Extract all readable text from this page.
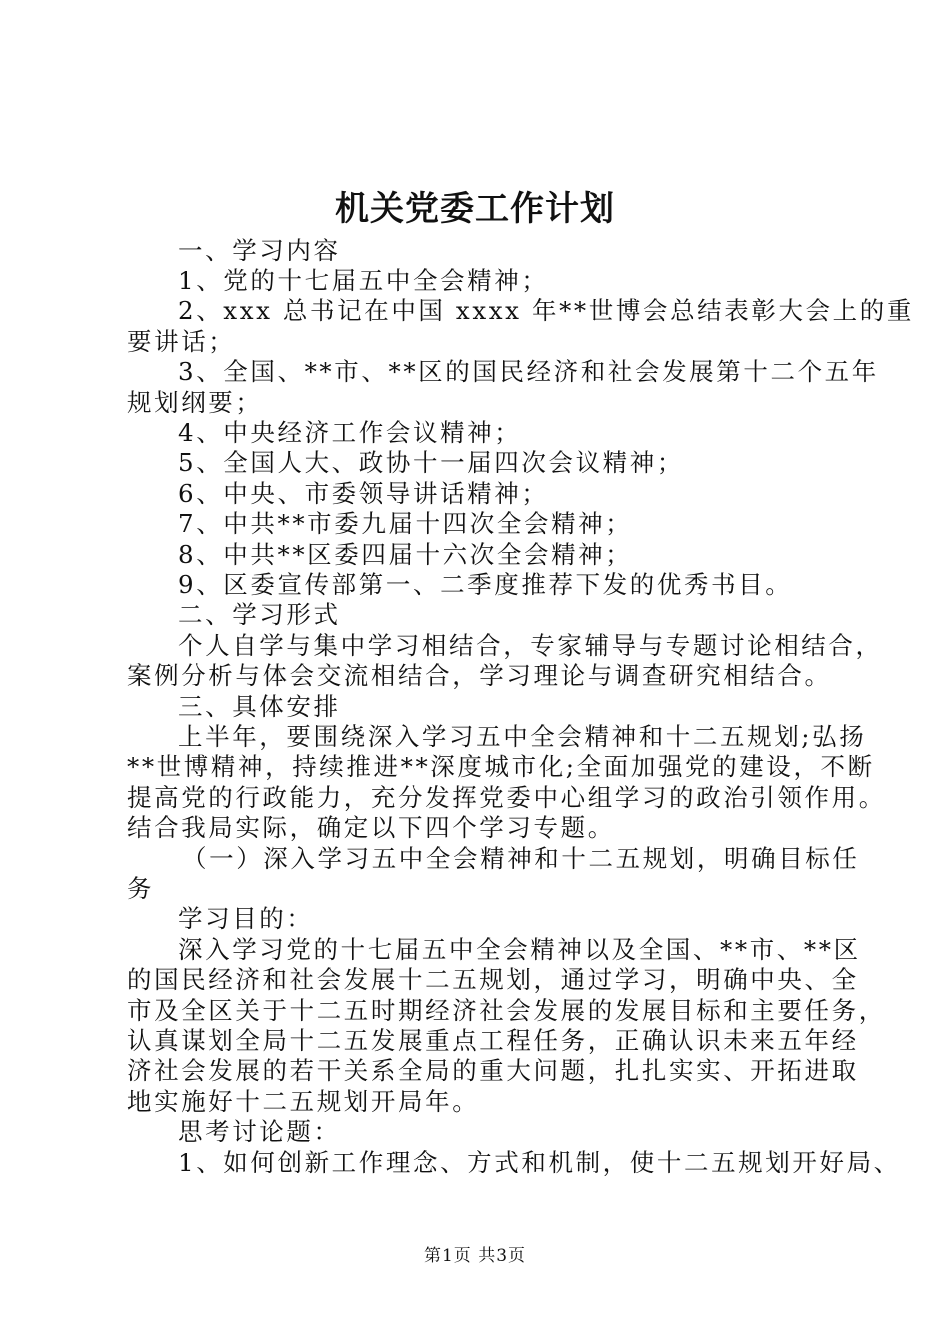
机关党委工作计划
一、学习内容
1、党的十七届五中全会精神；
2、xxx 总书记在中国 xxxx 年**世博会总结表彰大会上的重
要讲话；
3、全国、**市、**区的国民经济和社会发展第十二个五年
规划纲要；
4、中央经济工作会议精神；
5、全国人大、政协十一届四次会议精神；
6、中央、市委领导讲话精神；
7、中共**市委九届十四次全会精神；
8、中共**区委四届十六次全会精神；
9、区委宣传部第一、二季度推荐下发的优秀书目。
二、学习形式
个人自学与集中学习相结合，专家辅导与专题讨论相结合，
案例分析与体会交流相结合，学习理论与调查研究相结合。
三、具体安排
上半年，要围绕深入学习五中全会精神和十二五规划;弘扬
**世博精神，持续推进**深度城市化;全面加强党的建设，不断
提高党的行政能力，充分发挥党委中心组学习的政治引领作用。
结合我局实际，确定以下四个学习专题。
（一）深入学习五中全会精神和十二五规划，明确目标任
务
学习目的：
深入学习党的十七届五中全会精神以及全国、**市、**区
的国民经济和社会发展十二五规划，通过学习，明确中央、全
市及全区关于十二五时期经济社会发展的发展目标和主要任务，
认真谋划全局十二五发展重点工程任务，正确认识未来五年经
济社会发展的若干关系全局的重大问题，扎扎实实、开拓进取
地实施好十二五规划开局年。
思考讨论题：
1、如何创新工作理念、方式和机制，使十二五规划开好局、
第1页 共3页
